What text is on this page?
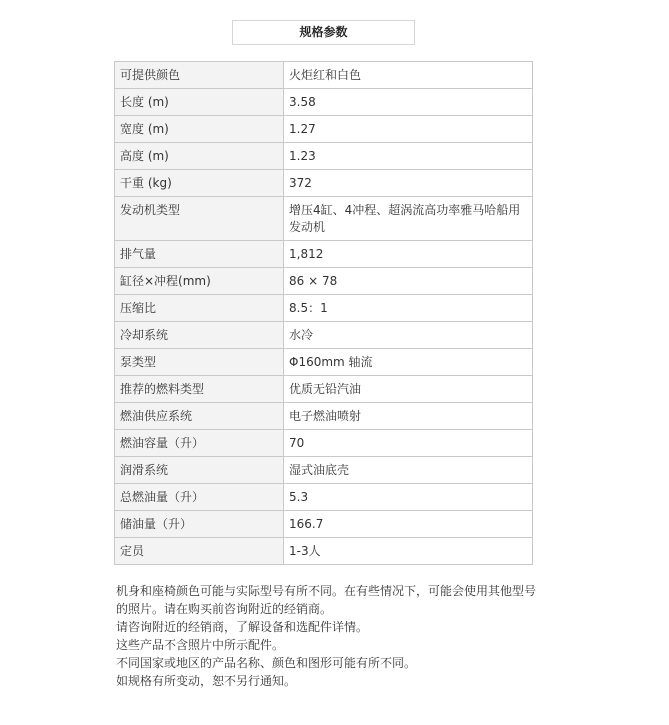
规格参数
可提供颜色	火炬红和白色
长度 (m)	3.58
宽度 (m)	1.27
高度 (m)	1.23
干重 (kg)	372
发动机类型	增压4缸、4冲程、超涡流高功率雅马哈船用发动机
排气量	1,812
缸径×冲程(mm)	86 × 78
压缩比	8.5：1
冷却系统	水冷
泵类型	Φ160mm 轴流
推荐的燃料类型	优质无铅汽油
燃油供应系统	电子燃油喷射
燃油容量（升）	70
润滑系统	湿式油底壳
总燃油量（升）	5.3
储油量（升）	166.7
定员	1-3人

机身和座椅颜色可能与实际型号有所不同。在有些情况下，可能会使用其他型号的照片。请在购买前咨询附近的经销商。

请咨询附近的经销商，了解设备和选配件详情。

这些产品不含照片中所示配件。

不同国家或地区的产品名称、颜色和图形可能有所不同。

如规格有所变动，恕不另行通知。
